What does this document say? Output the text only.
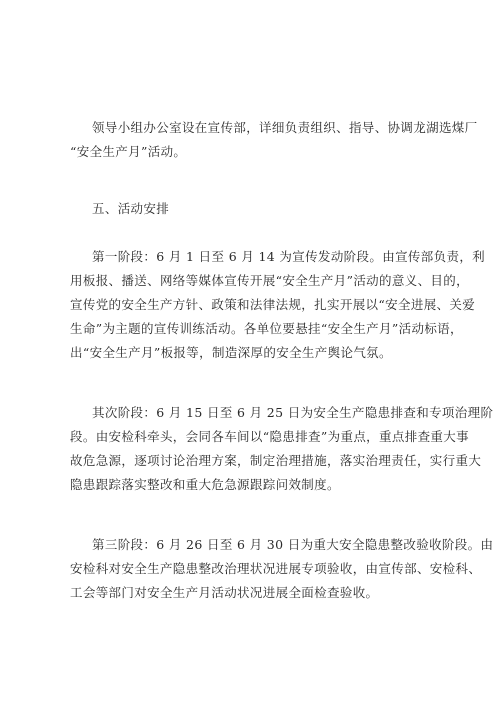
领导小组办公室设在宣传部，详细负责组织、指导、协调龙湖选煤厂
“安全生产月”活动。
五、活动安排
第一阶段：6 月 1 日至 6 月 14 为宣传发动阶段。由宣传部负责，利
用板报、播送、网络等媒体宣传开展“安全生产月”活动的意义、目的，
宣传党的安全生产方针、政策和法律法规，扎实开展以“安全进展、关爱
生命”为主题的宣传训练活动。各单位要悬挂“安全生产月”活动标语，
出“安全生产月”板报等，制造深厚的安全生产舆论气氛。
其次阶段：6 月 15 日至 6 月 25 日为安全生产隐患排查和专项治理阶
段。由安检科牵头，会同各车间以“隐患排查”为重点，重点排查重大事
故危急源，逐项讨论治理方案，制定治理措施，落实治理责任，实行重大
隐患跟踪落实整改和重大危急源跟踪问效制度。
第三阶段：6 月 26 日至 6 月 30 日为重大安全隐患整改验收阶段。由
安检科对安全生产隐患整改治理状况进展专项验收，由宣传部、安检科、
工会等部门对安全生产月活动状况进展全面检查验收。
